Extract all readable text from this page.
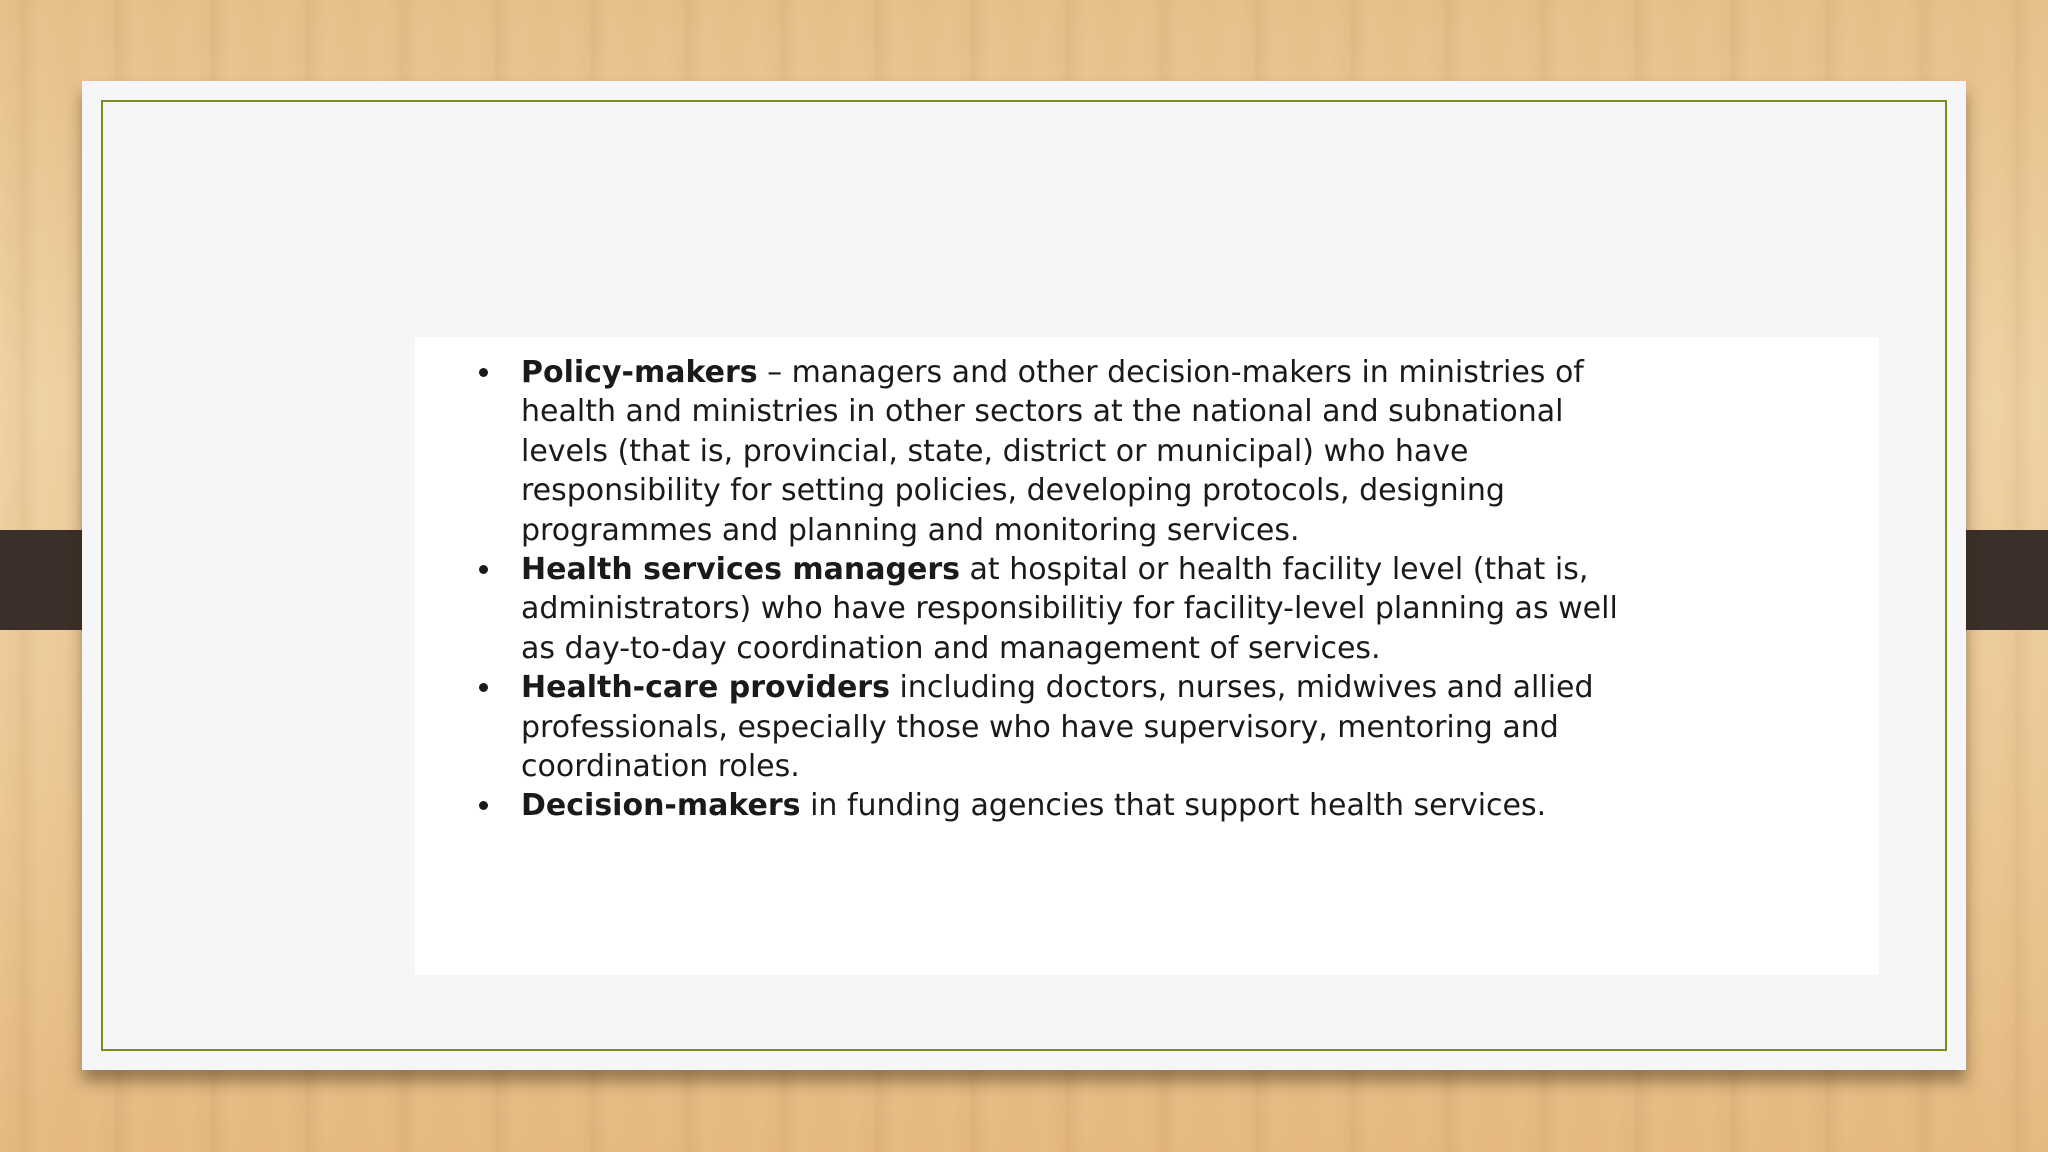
Policy-makers – managers and other decision-makers in ministries of health and ministries in other sectors at the national and subnational levels (that is, provincial, state, district or municipal) who have responsibility for setting policies, developing protocols, designing programmes and planning and monitoring services.
Health services managers at hospital or health facility level (that is, administrators) who have responsibilitiy for facility-level planning as well as day-to-day coordination and management of services.
Health-care providers including doctors, nurses, midwives and allied professionals, especially those who have supervisory, mentoring and coordination roles.
Decision-makers in funding agencies that support health services.
